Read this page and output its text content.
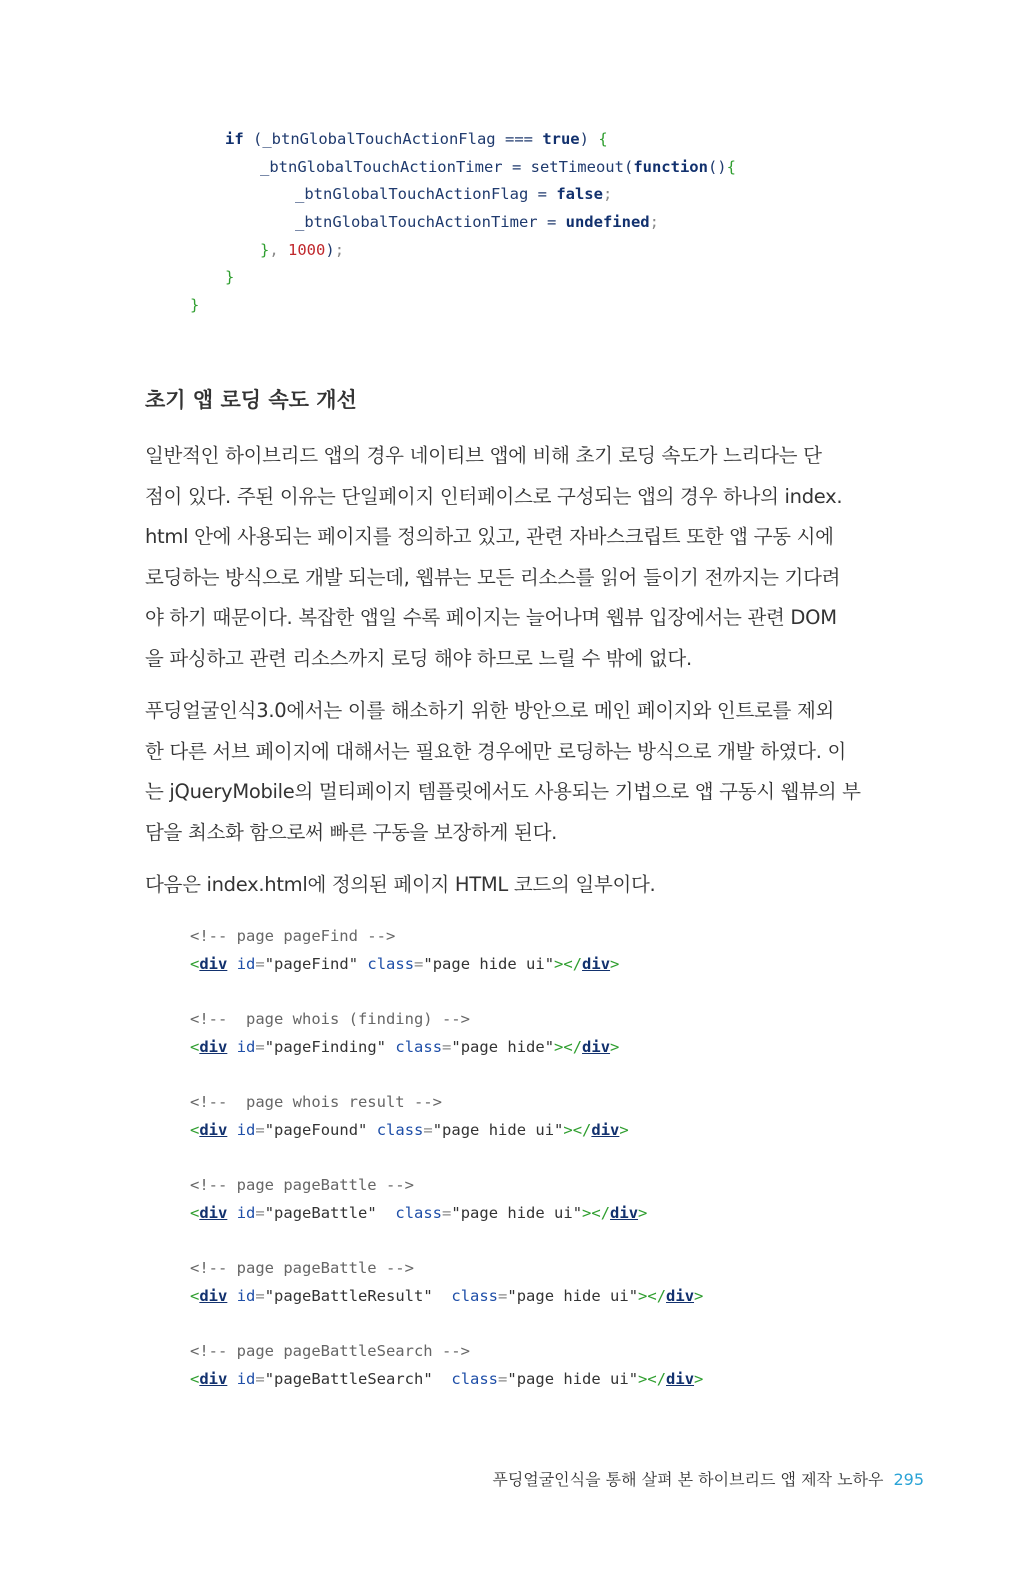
if (_btnGlobalTouchActionFlag === true) {
_btnGlobalTouchActionTimer = setTimeout(function(){
_btnGlobalTouchActionFlag = false;
_btnGlobalTouchActionTimer = undefined;
}, 1000);
}
}
초기 앱 로딩 속도 개선
일반적인 하이브리드 앱의 경우 네이티브 앱에 비해 초기 로딩 속도가 느리다는 단
점이 있다. 주된 이유는 단일페이지 인터페이스로 구성되는 앱의 경우 하나의 index.
html 안에 사용되는 페이지를 정의하고 있고, 관련 자바스크립트 또한 앱 구동 시에
로딩하는 방식으로 개발 되는데, 웹뷰는 모든 리소스를 읽어 들이기 전까지는 기다려
야 하기 때문이다. 복잡한 앱일 수록 페이지는 늘어나며 웹뷰 입장에서는 관련 DOM
을 파싱하고 관련 리소스까지 로딩 해야 하므로 느릴 수 밖에 없다.
푸딩얼굴인식3.0에서는 이를 해소하기 위한 방안으로 메인 페이지와 인트로를 제외
한 다른 서브 페이지에 대해서는 필요한 경우에만 로딩하는 방식으로 개발 하였다. 이
는 jQueryMobile의 멀티페이지 템플릿에서도 사용되는 기법으로 앱 구동시 웹뷰의 부
담을 최소화 함으로써 빠른 구동을 보장하게 된다.
다음은 index.html에 정의된 페이지 HTML 코드의 일부이다.
<!-- page pageFind -->
<div id="pageFind" class="page hide ui"></div>

<!--  page whois (finding) -->
<div id="pageFinding" class="page hide"></div>

<!--  page whois result -->
<div id="pageFound" class="page hide ui"></div>

<!-- page pageBattle -->
<div id="pageBattle" class="page hide ui"></div>

<!-- page pageBattle -->
<div id="pageBattleResult" class="page hide ui"></div>

<!-- page pageBattleSearch -->
<div id="pageBattleSearch" class="page hide ui"></div>
푸딩얼굴인식을 통해 살펴 본 하이브리드 앱 제작 노하우 295
